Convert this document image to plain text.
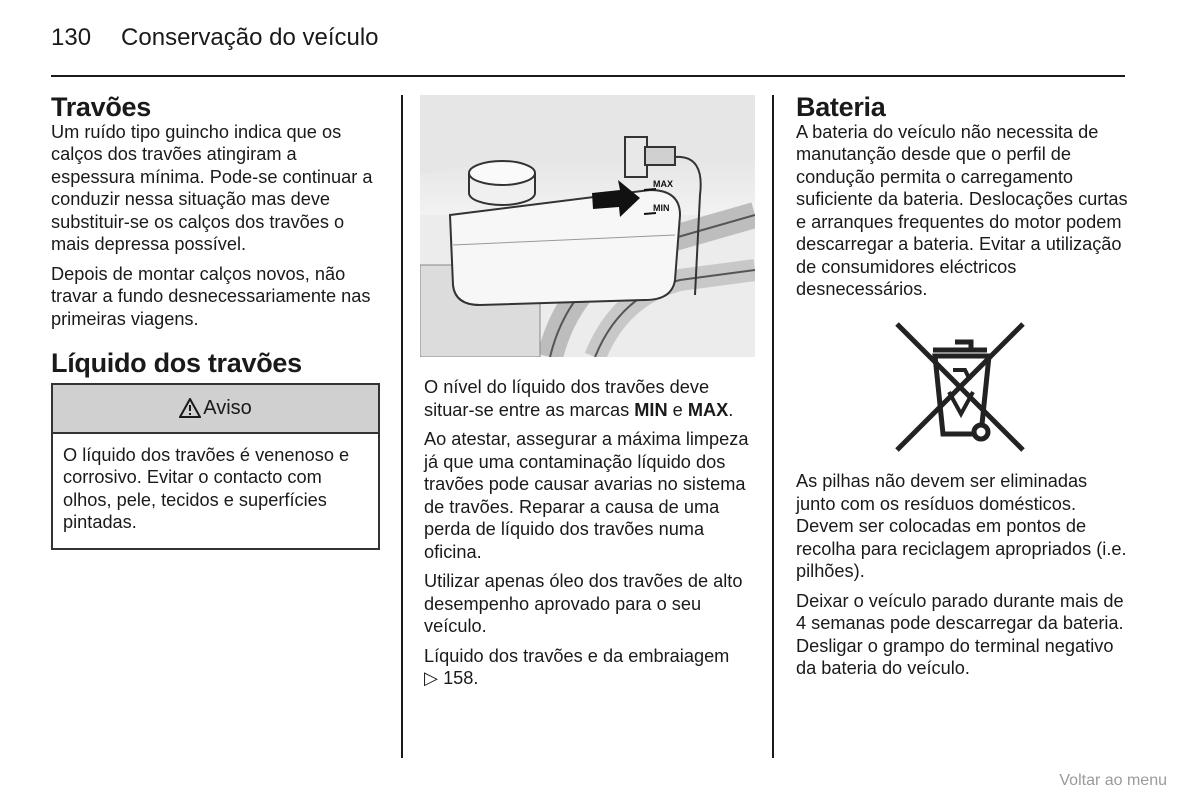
130 Conservação do veículo
Travões

Um ruído tipo guincho indica que os calços dos travões atingiram a espessura mínima. Pode-se continuar a conduzir nessa situação mas deve substituir-se os calços dos travões o mais depressa possível.

Depois de montar calços novos, não travar a fundo desnecessariamente nas primeiras viagens.

Líquido dos travões
Aviso
O líquido dos travões é venenoso e corrosivo. Evitar o contacto com olhos, pele, tecidos e superfícies pintadas.
MAX
MIN

O nível do líquido dos travões deve situar-se entre as marcas MIN e MAX.

Ao atestar, assegurar a máxima limpeza já que uma contaminação líquido dos travões pode causar avarias no sistema de travões. Reparar a causa de uma perda de líquido dos travões numa oficina.

Utilizar apenas óleo dos travões de alto desempenho aprovado para o seu veículo.

Líquido dos travões e da embraiagem
▷ 158.

Bateria

A bateria do veículo não necessita de manutanção desde que o perfil de condução permita o carregamento suficiente da bateria. Deslocações curtas e arranques frequentes do motor podem descarregar a bateria. Evitar a utilização de consumidores eléctricos desnecessários.

As pilhas não devem ser eliminadas junto com os resíduos domésticos. Devem ser colocadas em pontos de recolha para reciclagem apropriados (i.e. pilhões).

Deixar o veículo parado durante mais de 4 semanas pode descarregar da bateria. Desligar o grampo do terminal negativo da bateria do veículo.

Voltar ao menu
